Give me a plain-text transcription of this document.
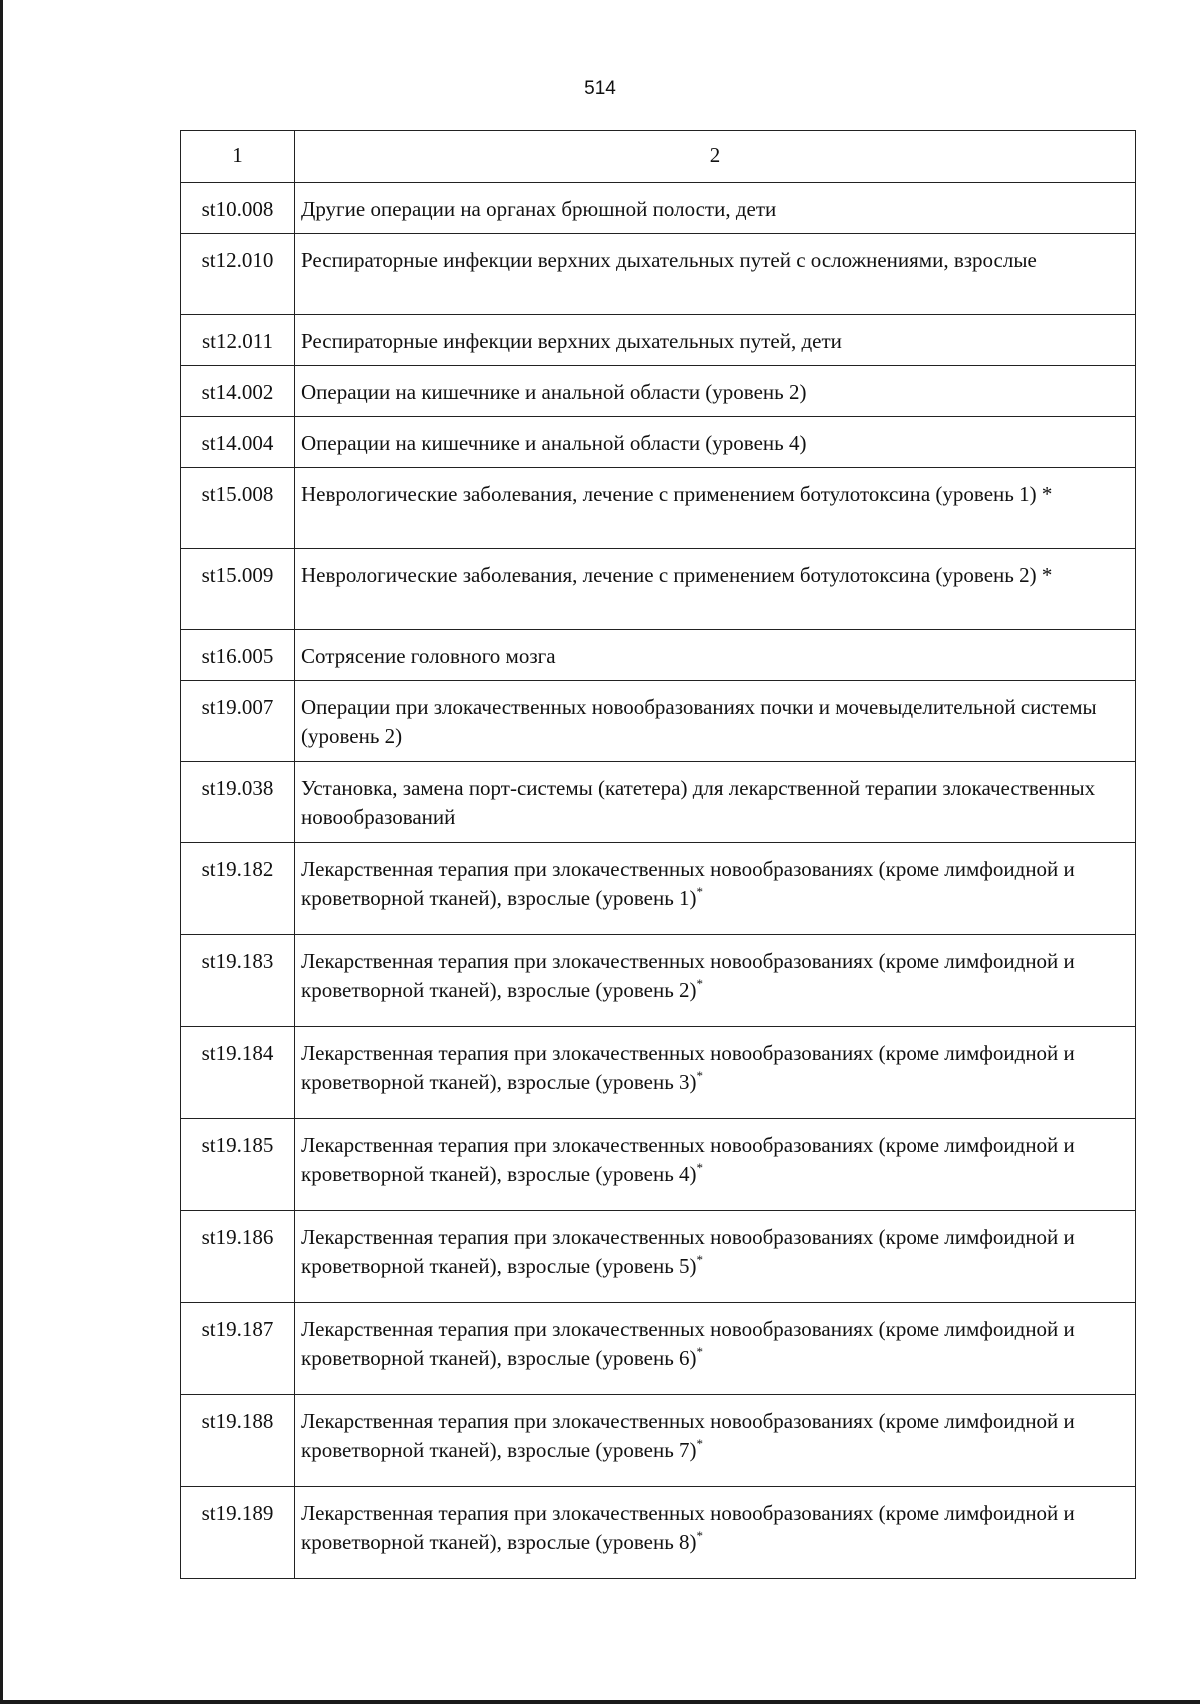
514
1	2
st10.008	Другие операции на органах брюшной полости, дети
st12.010	Респираторные инфекции верхних дыхательных путей с осложнениями, взрослые
st12.011	Респираторные инфекции верхних дыхательных путей, дети
st14.002	Операции на кишечнике и анальной области (уровень 2)
st14.004	Операции на кишечнике и анальной области (уровень 4)
st15.008	Неврологические заболевания, лечение с применением ботулотоксина (уровень 1) *
st15.009	Неврологические заболевания, лечение с применением ботулотоксина (уровень 2) *
st16.005	Сотрясение головного мозга
st19.007	Операции при злокачественных новообразованиях почки и мочевыделительной системы (уровень 2)
st19.038	Установка, замена порт-системы (катетера) для лекарственной терапии злокачественных новообразований
st19.182	Лекарственная терапия при злокачественных новообразованиях (кроме лимфоидной и кроветворной тканей), взрослые (уровень 1)*
st19.183	Лекарственная терапия при злокачественных новообразованиях (кроме лимфоидной и кроветворной тканей), взрослые (уровень 2)*
st19.184	Лекарственная терапия при злокачественных новообразованиях (кроме лимфоидной и кроветворной тканей), взрослые (уровень 3)*
st19.185	Лекарственная терапия при злокачественных новообразованиях (кроме лимфоидной и кроветворной тканей), взрослые (уровень 4)*
st19.186	Лекарственная терапия при злокачественных новообразованиях (кроме лимфоидной и кроветворной тканей), взрослые (уровень 5)*
st19.187	Лекарственная терапия при злокачественных новообразованиях (кроме лимфоидной и кроветворной тканей), взрослые (уровень 6)*
st19.188	Лекарственная терапия при злокачественных новообразованиях (кроме лимфоидной и кроветворной тканей), взрослые (уровень 7)*
st19.189	Лекарственная терапия при злокачественных новообразованиях (кроме лимфоидной и кроветворной тканей), взрослые (уровень 8)*
